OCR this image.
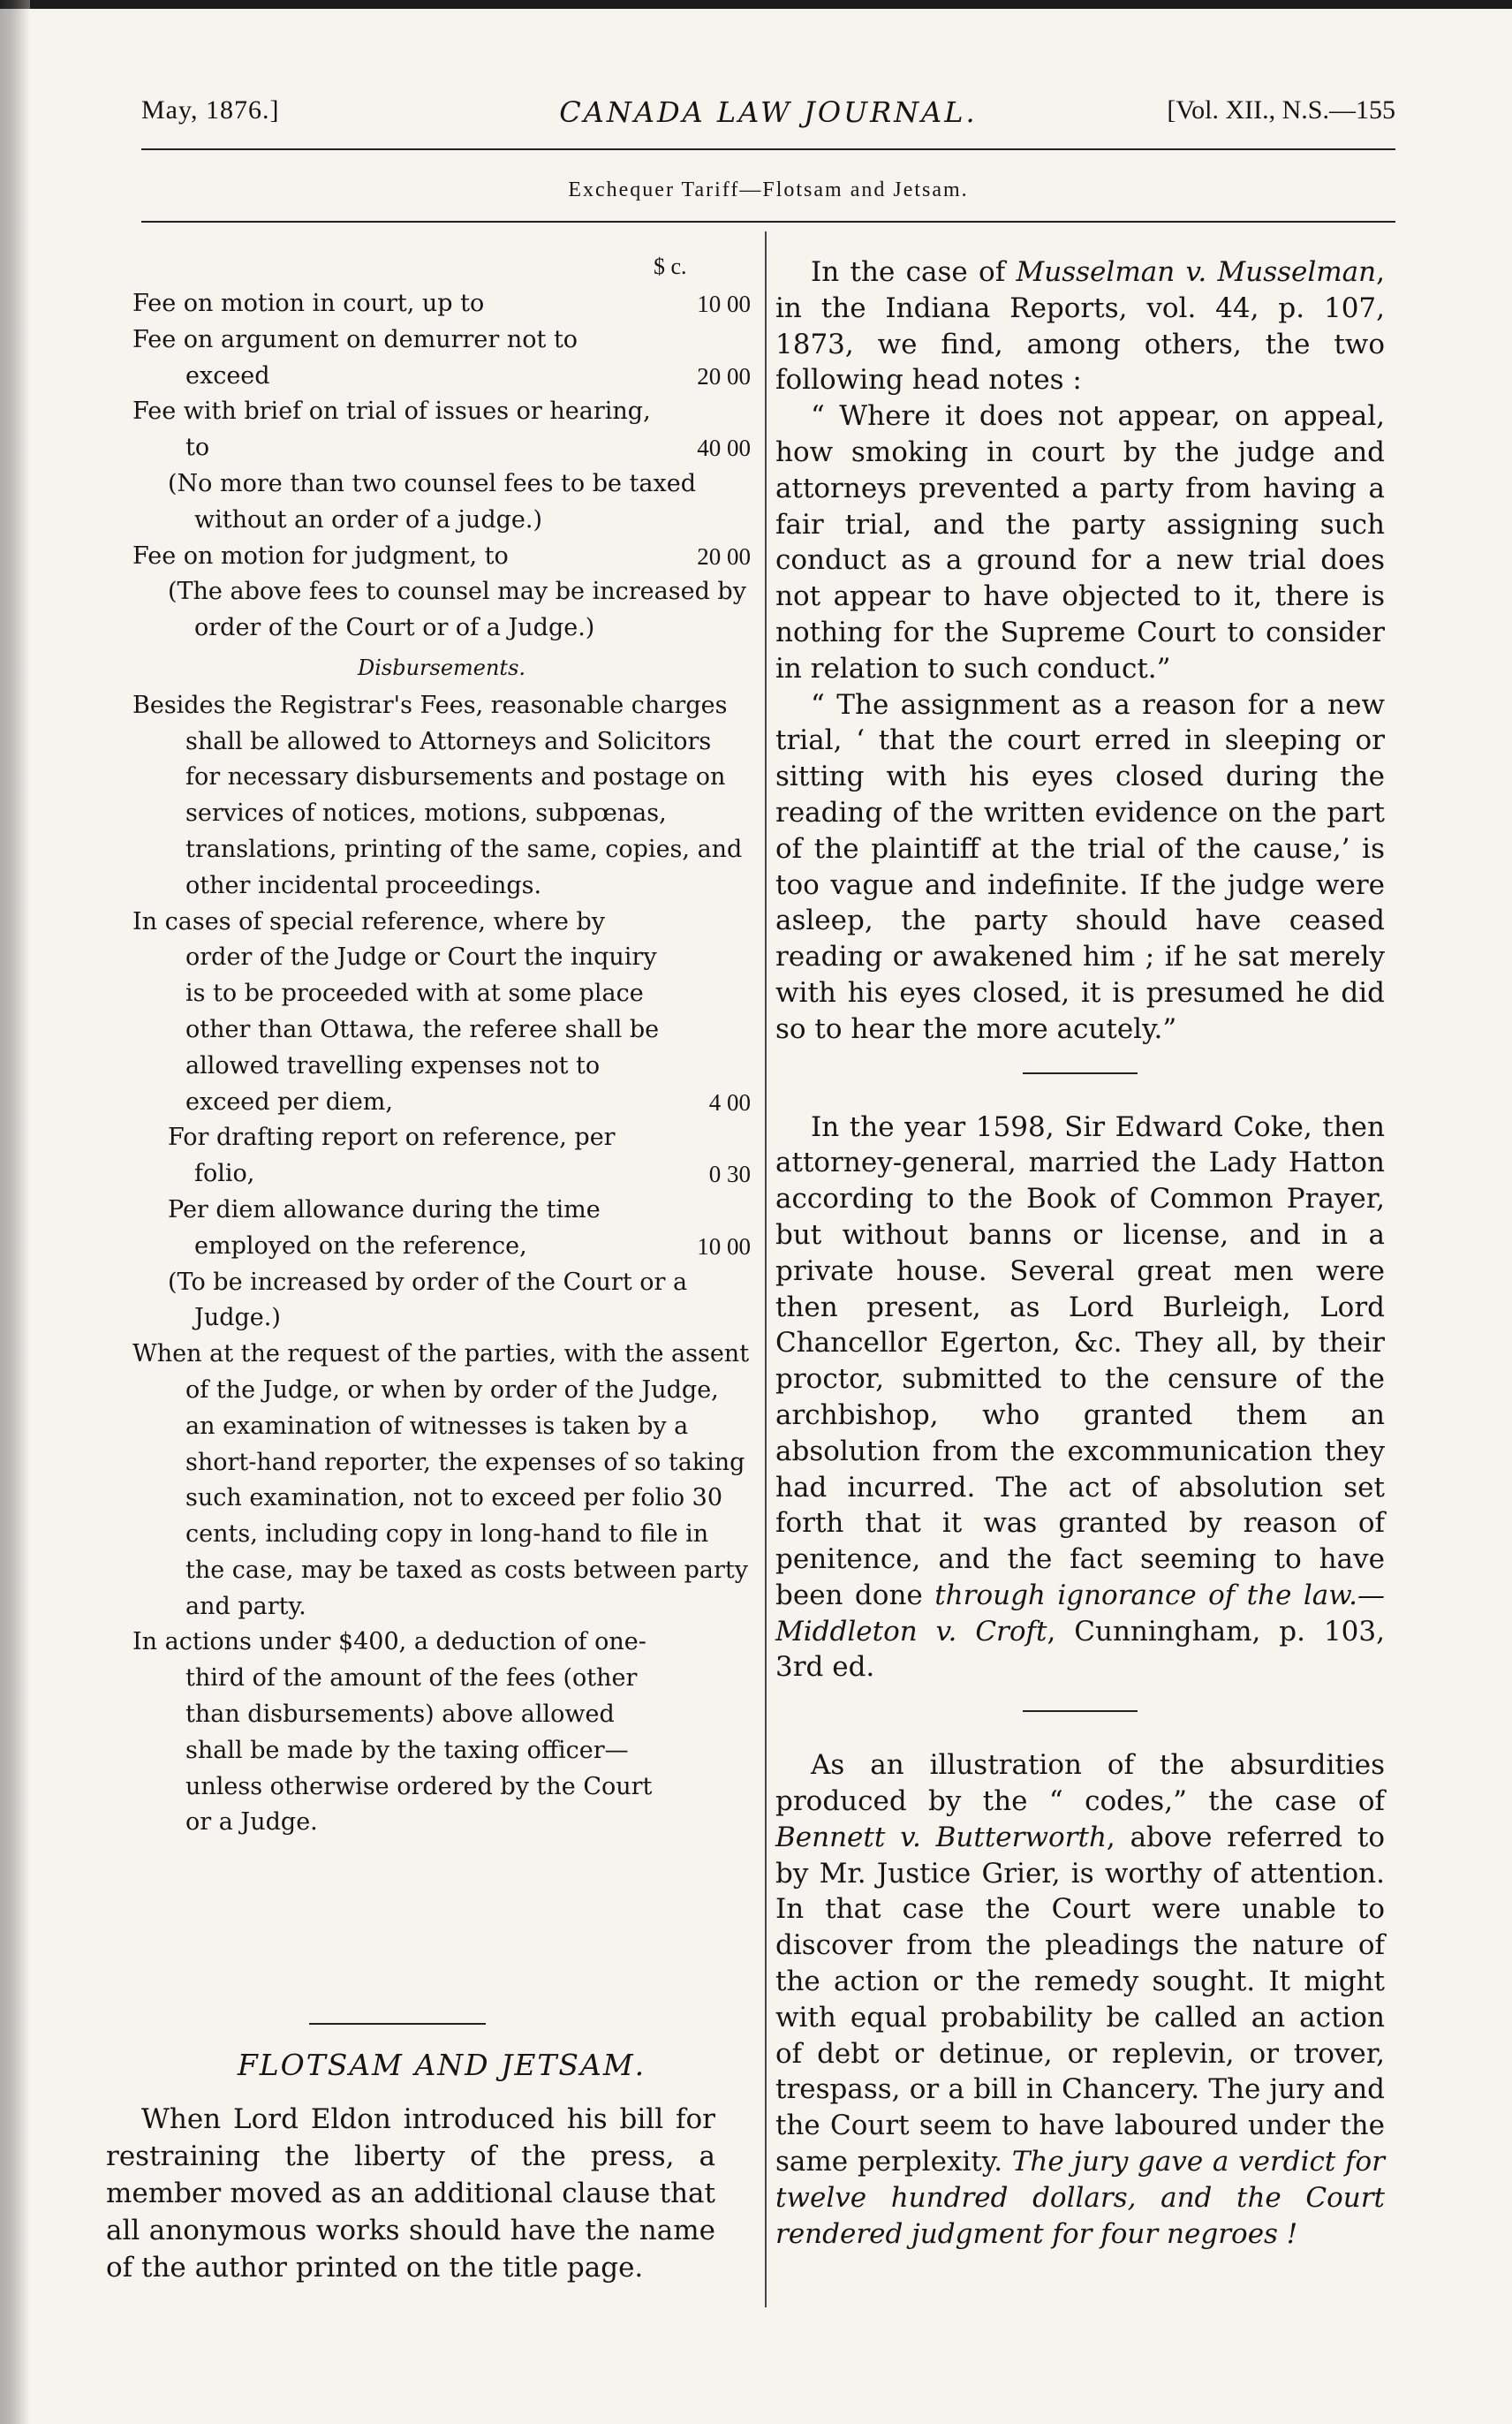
May, 1876.]	CANADA LAW JOURNAL.	[Vol. XII., N.S.—155
Exchequer Tariff—Flotsam and Jetsam.
$ c.
Fee on motion in court, up to	10 00
Fee on argument on demurrer not to exceed	20 00
Fee with brief on trial of issues or hearing, to	40 00
(No more than two counsel fees to be taxed without an order of a judge.)
Fee on motion for judgment, to	20 00
(The above fees to counsel may be increased by order of the Court or of a Judge.)
Disbursements.
Besides the Registrar's Fees, reasonable charges shall be allowed to Attorneys and Solicitors for necessary disbursements and postage on services of notices, motions, subpœnas, translations, printing of the same, copies, and other incidental proceedings.
In cases of special reference, where by order of the Judge or Court the inquiry is to be proceeded with at some place other than Ottawa, the referee shall be allowed travelling expenses not to exceed per diem,	4 00
For drafting report on reference, per folio,	0 30
Per diem allowance during the time employed on the reference,	10 00
(To be increased by order of the Court or a Judge.)
When at the request of the parties, with the assent of the Judge, or when by order of the Judge, an examination of witnesses is taken by a short-hand reporter, the expenses of so taking such examination, not to exceed per folio 30 cents, including copy in long-hand to file in the case, may be taxed as costs between party and party.
In actions under $400, a deduction of one-third of the amount of the fees (other than disbursements) above allowed shall be made by the taxing officer—unless otherwise ordered by the Court or a Judge.
FLOTSAM AND JETSAM.
When Lord Eldon introduced his bill for restraining the liberty of the press, a member moved as an additional clause that all anonymous works should have the name of the author printed on the title page.

In the case of Musselman v. Musselman, in the Indiana Reports, vol. 44, p. 107, 1873, we find, among others, the two following head notes :

“ Where it does not appear, on appeal, how smoking in court by the judge and attorneys prevented a party from having a fair trial, and the party assigning such conduct as a ground for a new trial does not appear to have objected to it, there is nothing for the Supreme Court to consider in relation to such conduct.”

“ The assignment as a reason for a new trial, ‘ that the court erred in sleeping or sitting with his eyes closed during the reading of the written evidence on the part of the plaintiff at the trial of the cause,’ is too vague and indefinite. If the judge were asleep, the party should have ceased reading or awakened him ; if he sat merely with his eyes closed, it is presumed he did so to hear the more acutely.”

In the year 1598, Sir Edward Coke, then attorney-general, married the Lady Hatton according to the Book of Common Prayer, but without banns or license, and in a private house. Several great men were then present, as Lord Burleigh, Lord Chancellor Egerton, &c. They all, by their proctor, submitted to the censure of the archbishop, who granted them an absolution from the excommunication they had incurred. The act of absolution set forth that it was granted by reason of penitence, and the fact seeming to have been done through ignorance of the law.— Middleton v. Croft, Cunningham, p. 103, 3rd ed.

As an illustration of the absurdities produced by the “ codes,” the case of Bennett v. Butterworth, above referred to by Mr. Justice Grier, is worthy of attention. In that case the Court were unable to discover from the pleadings the nature of the action or the remedy sought. It might with equal probability be called an action of debt or detinue, or replevin, or trover, trespass, or a bill in Chancery. The jury and the Court seem to have laboured under the same perplexity. The jury gave a verdict for twelve hundred dollars, and the Court rendered judgment for four negroes !
